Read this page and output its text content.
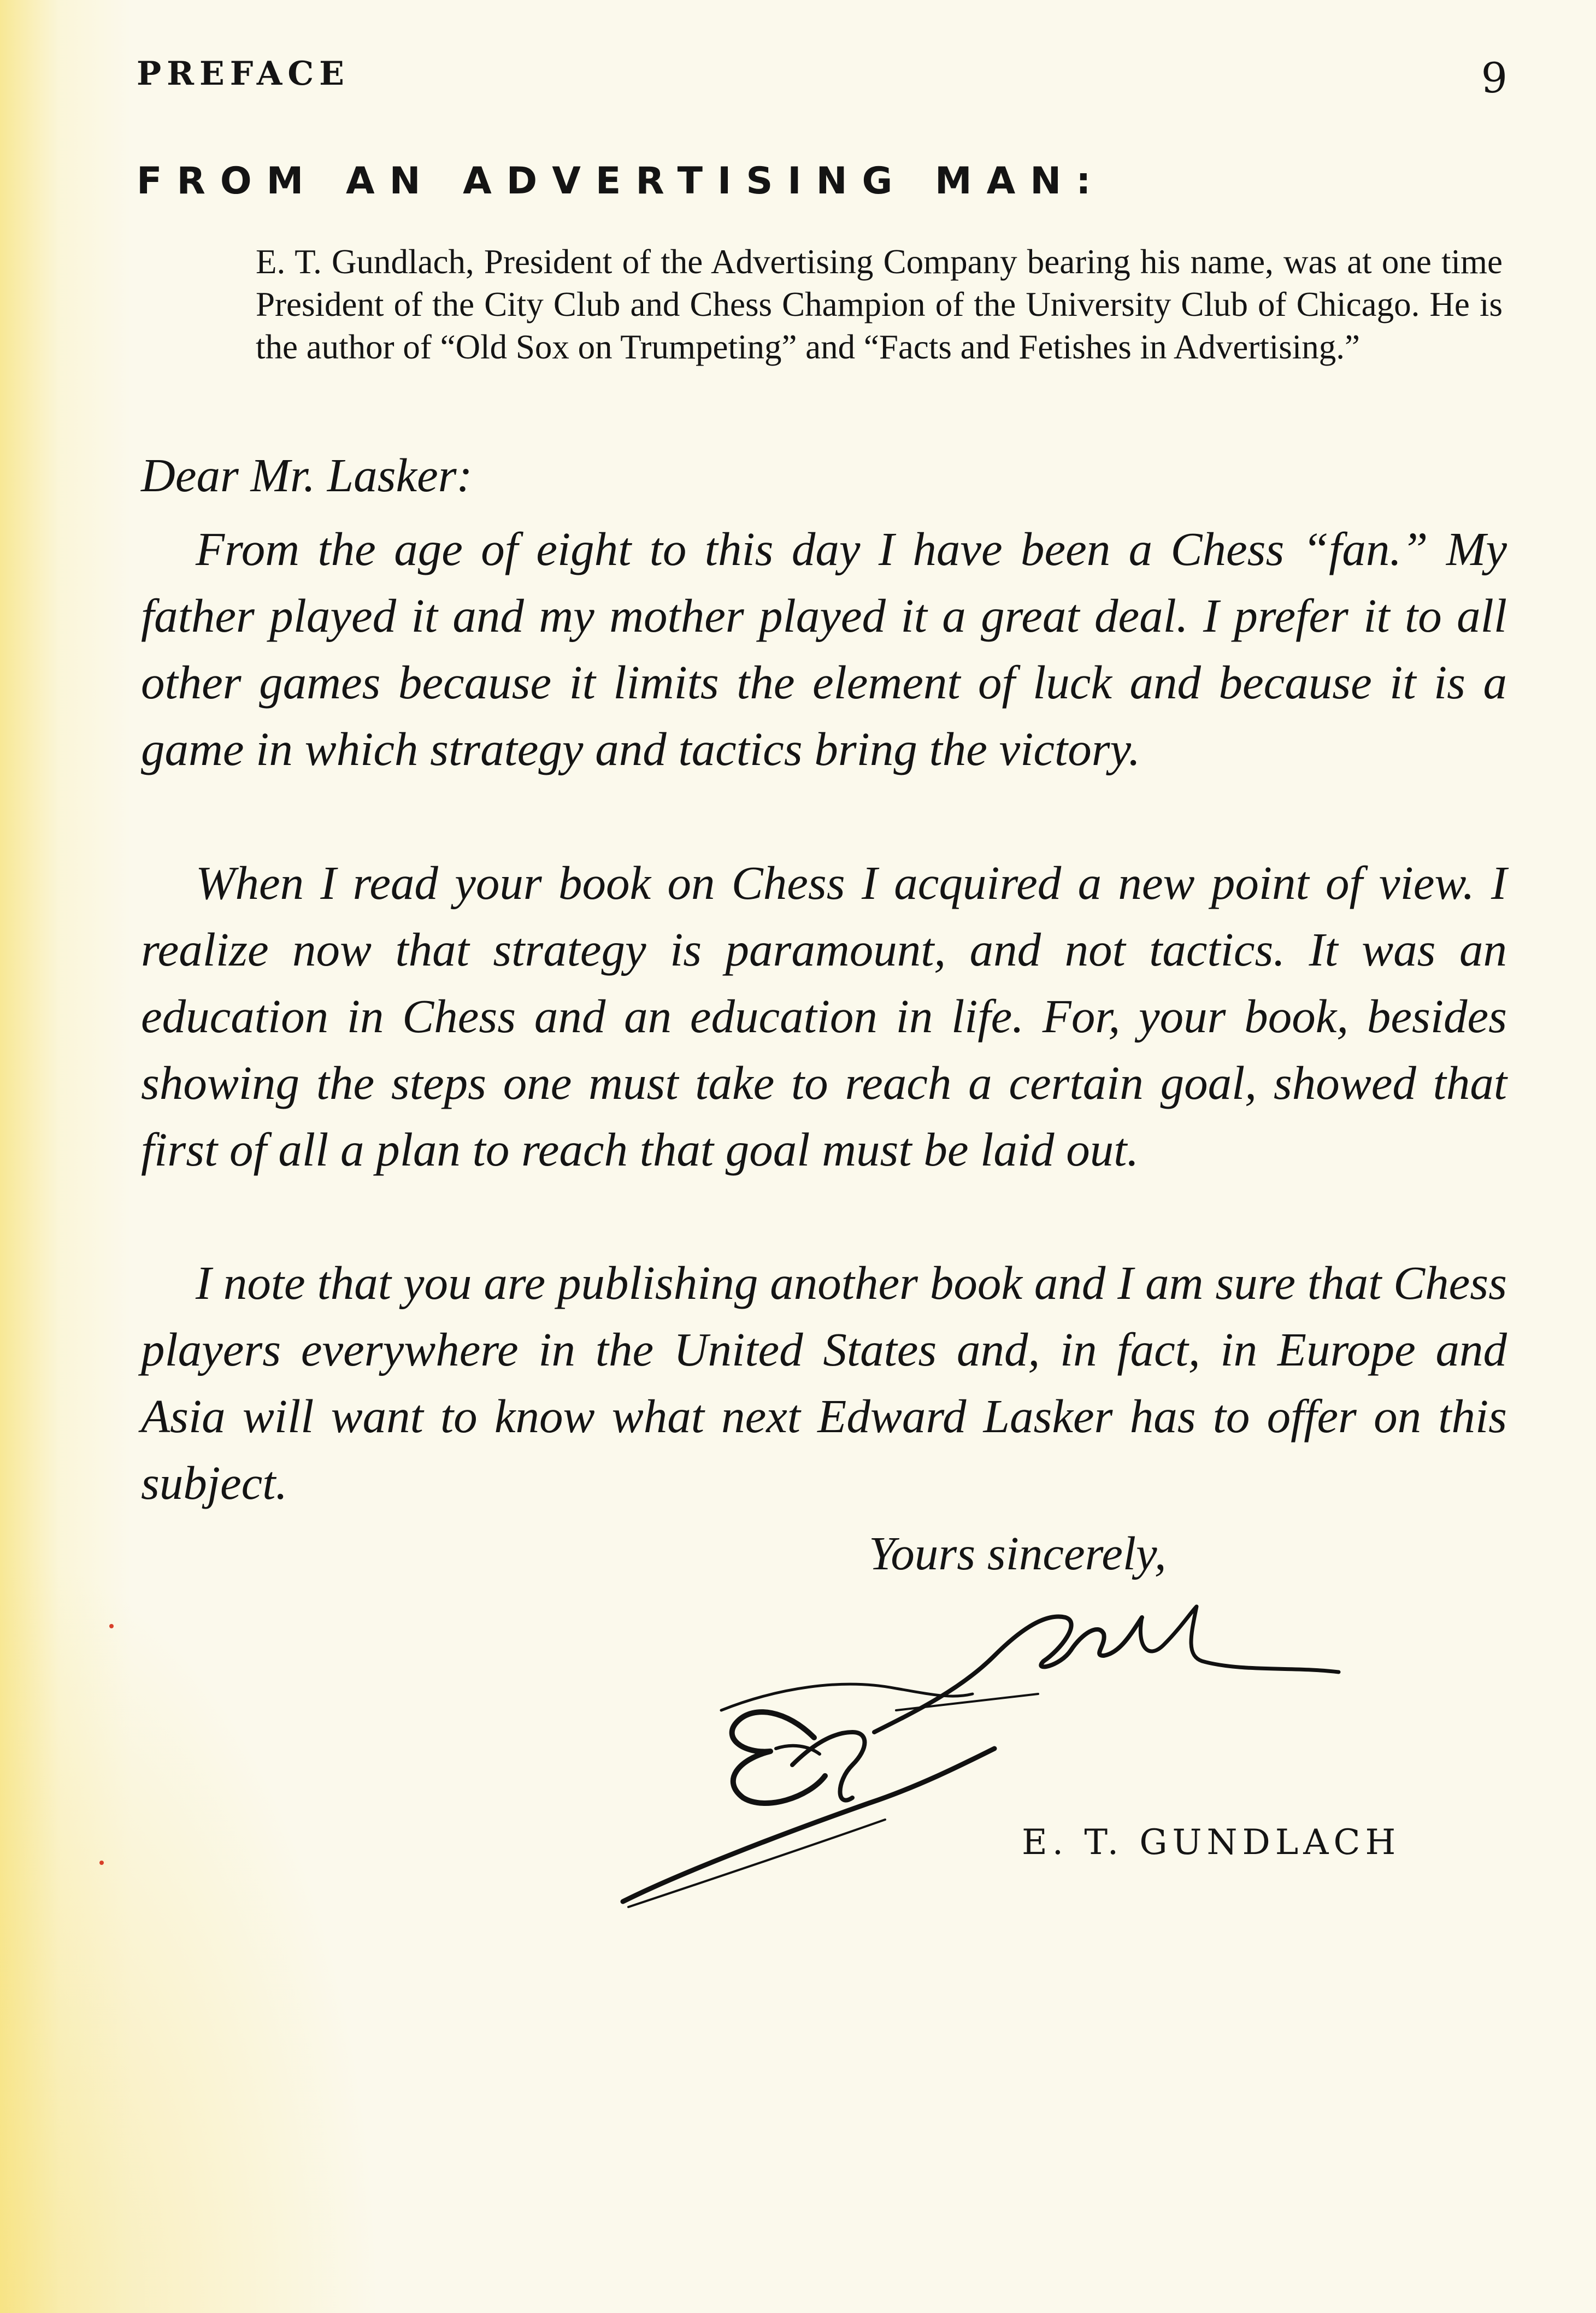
PREFACE	9
FROM AN ADVERTISING MAN:
E. T. Gundlach, President of the Advertising Company bearing his name, was at one time President of the City Club and Chess Champion of the University Club of Chicago. He is the author of “Old Sox on Trumpeting” and “Facts and Fetishes in Advertising.”
Dear Mr. Lasker:

From the age of eight to this day I have been a Chess “fan.” My father played it and my mother played it a great deal. I prefer it to all other games because it limits the element of luck and because it is a game in which strategy and tactics bring the victory.

When I read your book on Chess I acquired a new point of view. I realize now that strategy is paramount, and not tactics. It was an education in Chess and an education in life. For, your book, besides showing the steps one must take to reach a certain goal, showed that first of all a plan to reach that goal must be laid out.

I note that you are publishing another book and I am sure that Chess players everywhere in the United States and, in fact, in Europe and Asia will want to know what next Edward Lasker has to offer on this subject.

Yours sincerely,
E. T. GUNDLACH
